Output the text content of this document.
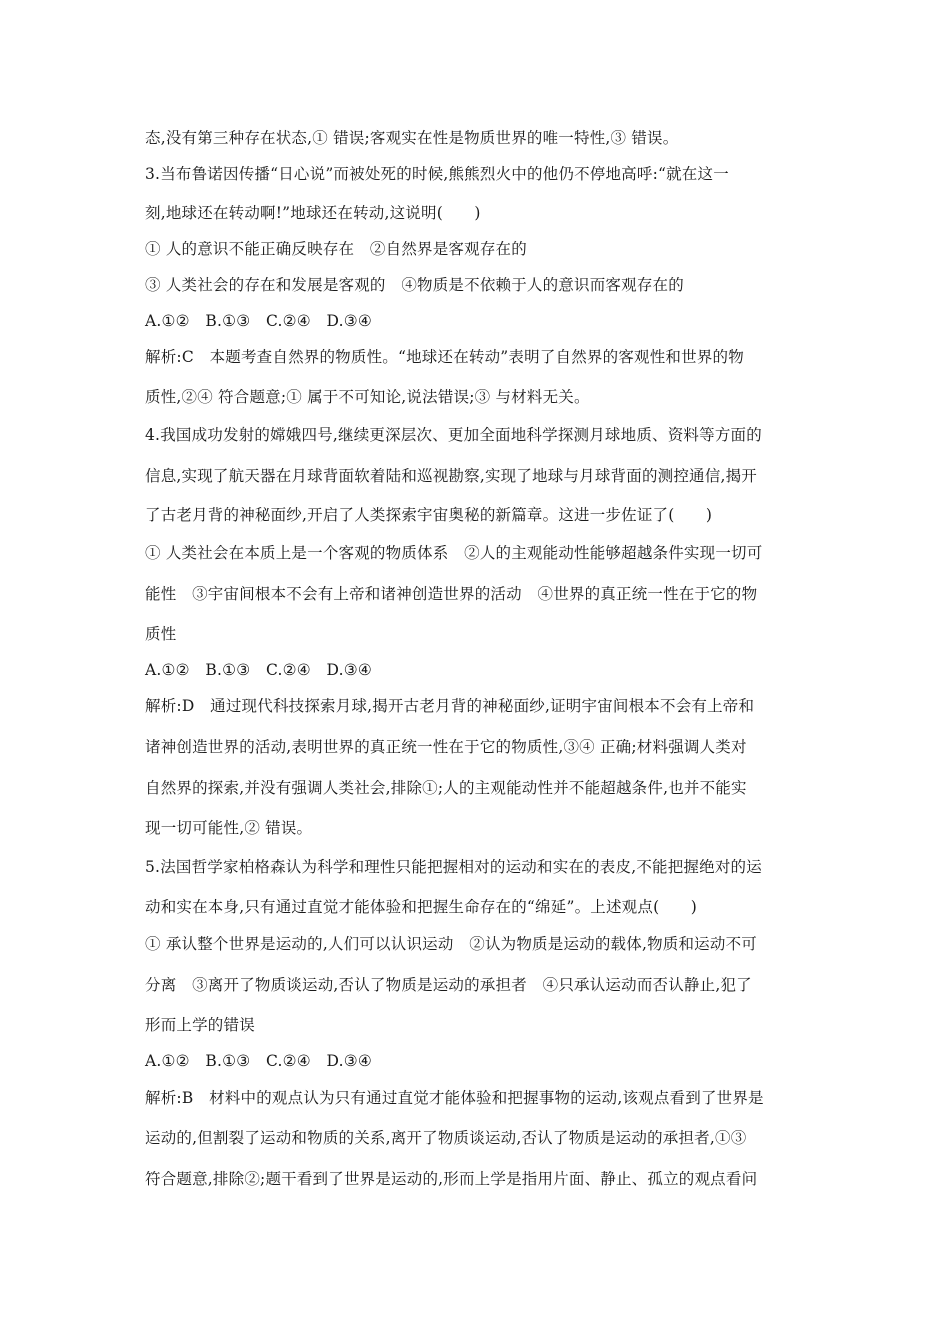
态,没有第三种存在状态,① 错误;客观实在性是物质世界的唯一特性,③ 错误。
3.当布鲁诺因传播“日心说”而被处死的时候,熊熊烈火中的他仍不停地高呼:“就在这一
刻,地球还在转动啊!”地球还在转动,这说明(　　)
① 人的意识不能正确反映存在　②自然界是客观存在的
③ 人类社会的存在和发展是客观的　④物质是不依赖于人的意识而客观存在的
A.①②　B.①③　C.②④　D.③④
解析:C　本题考查自然界的物质性。“地球还在转动”表明了自然界的客观性和世界的物
质性,②④ 符合题意;① 属于不可知论,说法错误;③ 与材料无关。
4.我国成功发射的嫦娥四号,继续更深层次、更加全面地科学探测月球地质、资料等方面的
信息,实现了航天器在月球背面软着陆和巡视勘察,实现了地球与月球背面的测控通信,揭开
了古老月背的神秘面纱,开启了人类探索宇宙奥秘的新篇章。这进一步佐证了(　　)
① 人类社会在本质上是一个客观的物质体系　②人的主观能动性能够超越条件实现一切可
能性　③宇宙间根本不会有上帝和诸神创造世界的活动　④世界的真正统一性在于它的物
质性
A.①②　B.①③　C.②④　D.③④
解析:D　通过现代科技探索月球,揭开古老月背的神秘面纱,证明宇宙间根本不会有上帝和
诸神创造世界的活动,表明世界的真正统一性在于它的物质性,③④ 正确;材料强调人类对
自然界的探索,并没有强调人类社会,排除①;人的主观能动性并不能超越条件,也并不能实
现一切可能性,② 错误。
5.法国哲学家柏格森认为科学和理性只能把握相对的运动和实在的表皮,不能把握绝对的运
动和实在本身,只有通过直觉才能体验和把握生命存在的“绵延”。上述观点(　　)
① 承认整个世界是运动的,人们可以认识运动　②认为物质是运动的载体,物质和运动不可
分离　③离开了物质谈运动,否认了物质是运动的承担者　④只承认运动而否认静止,犯了
形而上学的错误
A.①②　B.①③　C.②④　D.③④
解析:B　材料中的观点认为只有通过直觉才能体验和把握事物的运动,该观点看到了世界是
运动的,但割裂了运动和物质的关系,离开了物质谈运动,否认了物质是运动的承担者,①③
符合题意,排除②;题干看到了世界是运动的,形而上学是指用片面、静止、孤立的观点看问
